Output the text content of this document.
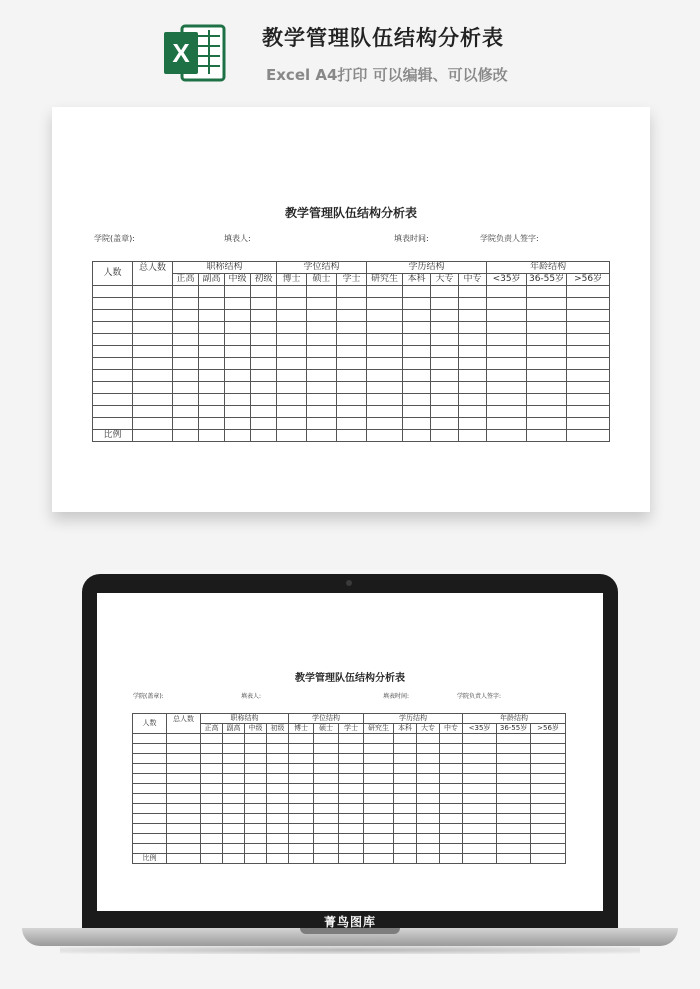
X	教学管理队伍结构分析表
Excel A4打印 可以编辑、可以修改
教学管理队伍结构分析表
学院(盖章):	填表人:	填表时间:	学院负责人签字:
人数	总人数	职称结构				学位结构			学历结构				年龄结构		
		正高	副高	中级	初级	博士	硕士	学士	研究生	本科	大专	中专	<35岁	36-55岁	>56岁

比例															
教学管理队伍结构分析表
学院(盖章):	填表人:	填表时间:	学院负责人签字:
人数	总人数	职称结构				学位结构			学历结构				年龄结构		
		正高	副高	中级	初级	博士	硕士	学士	研究生	本科	大专	中专	<35岁	36-55岁	>56岁

比例															
菁鸟图库
